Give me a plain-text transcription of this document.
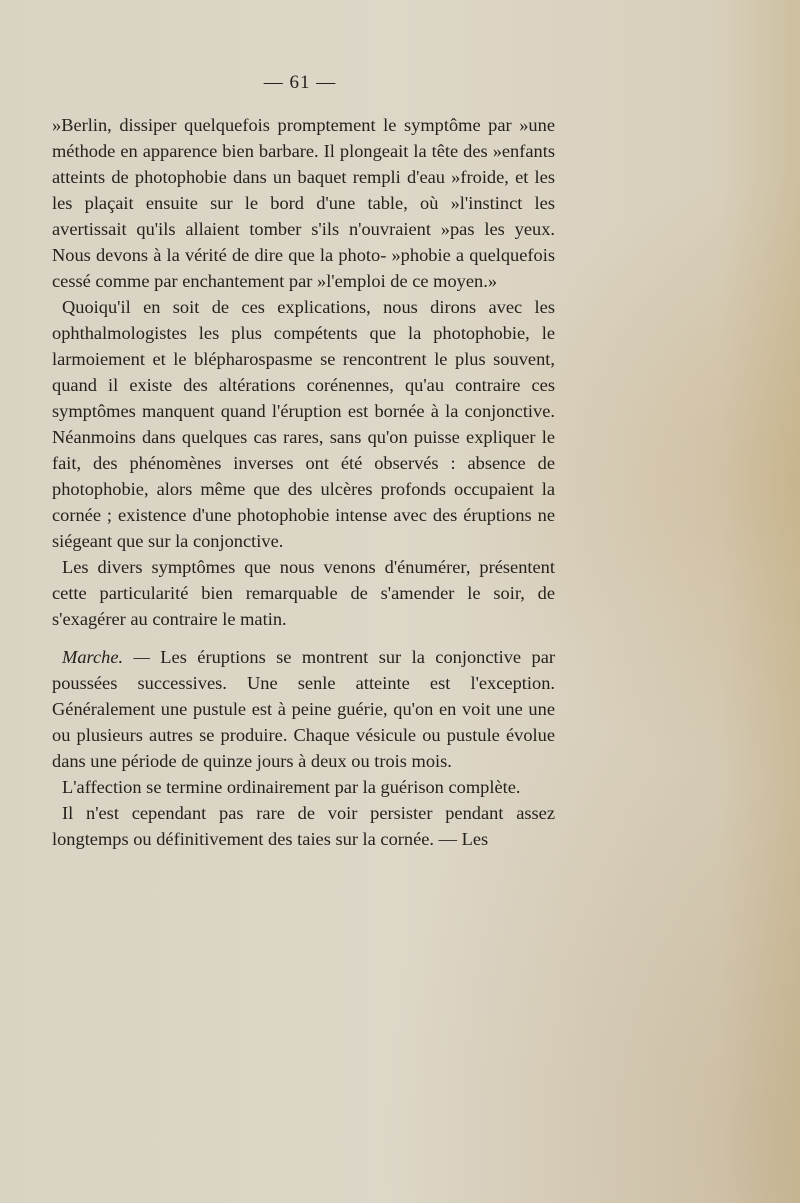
— 61 —

»Berlin, dissiper quelquefois promptement le symptôme par »une méthode en apparence bien barbare. Il plongeait la tête des »enfants atteints de photophobie dans un baquet rempli d'eau »froide, et les les plaçait ensuite sur le bord d'une table, où »l'instinct les avertissait qu'ils allaient tomber s'ils n'ouvraient »pas les yeux. Nous devons à la vérité de dire que la photo- »phobie a quelquefois cessé comme par enchantement par »l'emploi de ce moyen.»

Quoiqu'il en soit de ces explications, nous dirons avec les ophthalmologistes les plus compétents que la photophobie, le larmoiement et le blépharospasme se rencontrent le plus souvent, quand il existe des altérations corénennes, qu'au contraire ces symptômes manquent quand l'éruption est bornée à la conjonctive. Néanmoins dans quelques cas rares, sans qu'on puisse expliquer le fait, des phénomènes inverses ont été observés : absence de photophobie, alors même que des ulcères profonds occupaient la cornée ; existence d'une photophobie intense avec des éruptions ne siégeant que sur la conjonctive.

Les divers symptômes que nous venons d'énumérer, présentent cette particularité bien remarquable de s'amender le soir, de s'exagérer au contraire le matin.

Marche. — Les éruptions se montrent sur la conjonctive par poussées successives. Une senle atteinte est l'exception. Généralement une pustule est à peine guérie, qu'on en voit une une ou plusieurs autres se produire. Chaque vésicule ou pustule évolue dans une période de quinze jours à deux ou trois mois.

L'affection se termine ordinairement par la guérison complète.

Il n'est cependant pas rare de voir persister pendant assez longtemps ou définitivement des taies sur la cornée. — Les
